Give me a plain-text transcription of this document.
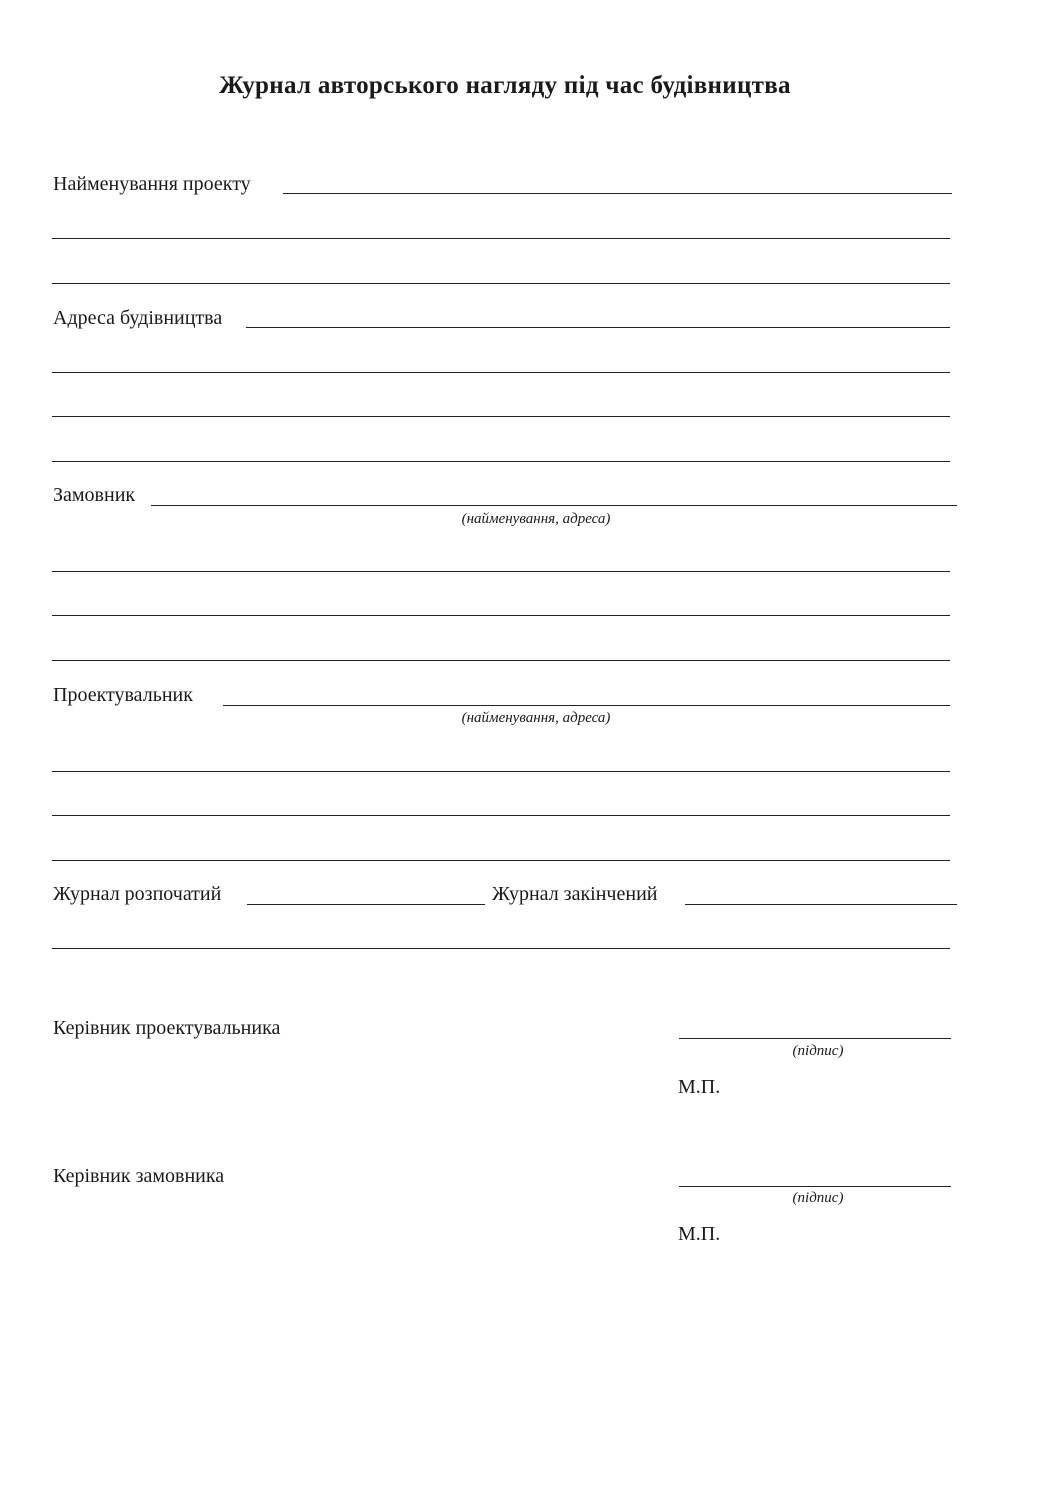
Журнал авторського нагляду під час будівництва
Найменування проекту
Адреса будівництва
Замовник
(найменування, адреса)
Проектувальник
(найменування, адреса)
Журнал розпочатий	Журнал закінчений
Керівник проектувальника
(підпис)
М.П.
Керівник замовника
(підпис)
М.П.
